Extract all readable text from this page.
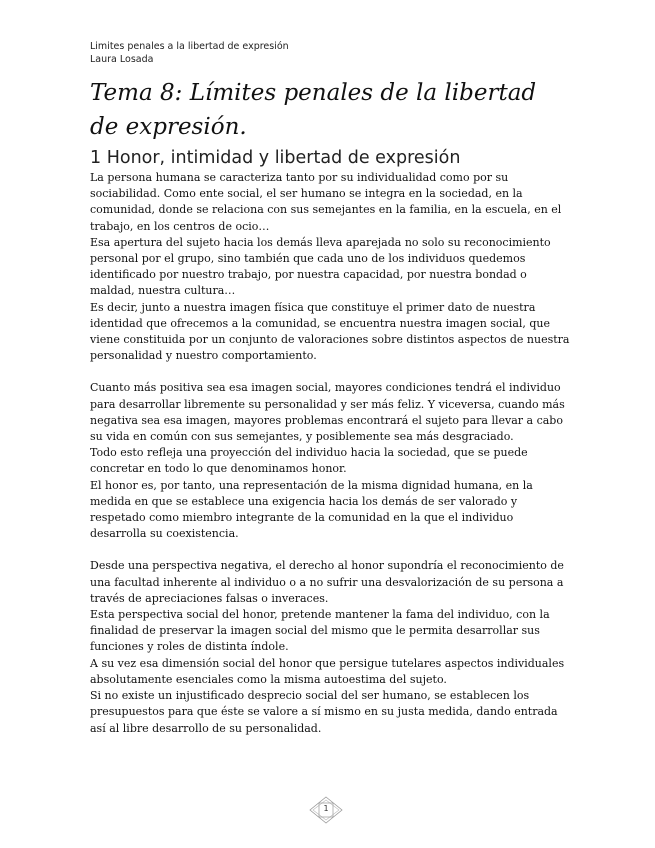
Limites penales a la libertad de expresión
Laura Losada
Tema 8: Límites penales de la libertad de expresión.
1 Honor, intimidad y libertad de expresión

La persona humana se caracteriza tanto por su individualidad como por su sociabilidad. Como ente social, el ser humano se integra en la sociedad, en la comunidad, donde se relaciona con sus semejantes en la familia, en la escuela, en el trabajo, en los centros de ocio…

Esa apertura del sujeto hacia los demás lleva aparejada no solo su reconocimiento personal por el grupo, sino también que cada uno de los individuos quedemos identificado por nuestro trabajo, por nuestra capacidad, por nuestra bondad o maldad, nuestra cultura…

Es decir, junto a nuestra imagen física que constituye el primer dato de nuestra identidad que ofrecemos a la comunidad, se encuentra nuestra imagen social, que viene constituida por un conjunto de valoraciones sobre distintos aspectos de nuestra personalidad y nuestro comportamiento.

Cuanto más positiva sea esa imagen social, mayores condiciones tendrá el individuo para desarrollar libremente su personalidad y ser más feliz. Y viceversa, cuando más negativa sea esa imagen, mayores problemas encontrará el sujeto para llevar a cabo su vida en común con sus semejantes, y posiblemente sea más desgraciado.

Todo esto refleja una proyección del individuo hacia la sociedad, que se puede concretar en todo lo que denominamos honor.

El honor es, por tanto, una representación de la misma dignidad humana, en la medida en que se establece una exigencia hacia los demás de ser valorado y respetado como miembro integrante de la comunidad en la que el individuo desarrolla su coexistencia.

Desde una perspectiva negativa, el derecho al honor supondría el reconocimiento de una facultad inherente al individuo o a no sufrir una desvalorización de su persona a través de apreciaciones falsas o inveraces.

Esta perspectiva social del honor, pretende mantener la fama del individuo, con la finalidad de preservar la imagen social del mismo que le permita desarrollar sus funciones y roles de distinta índole.

A su vez esa dimensión social del honor que persigue tutelares aspectos individuales absolutamente esenciales como la misma autoestima del sujeto.

Si no existe un injustificado desprecio social del ser humano, se establecen los presupuestos para que éste se valore a sí mismo en su justa medida, dando entrada así al libre desarrollo de su personalidad.

1
